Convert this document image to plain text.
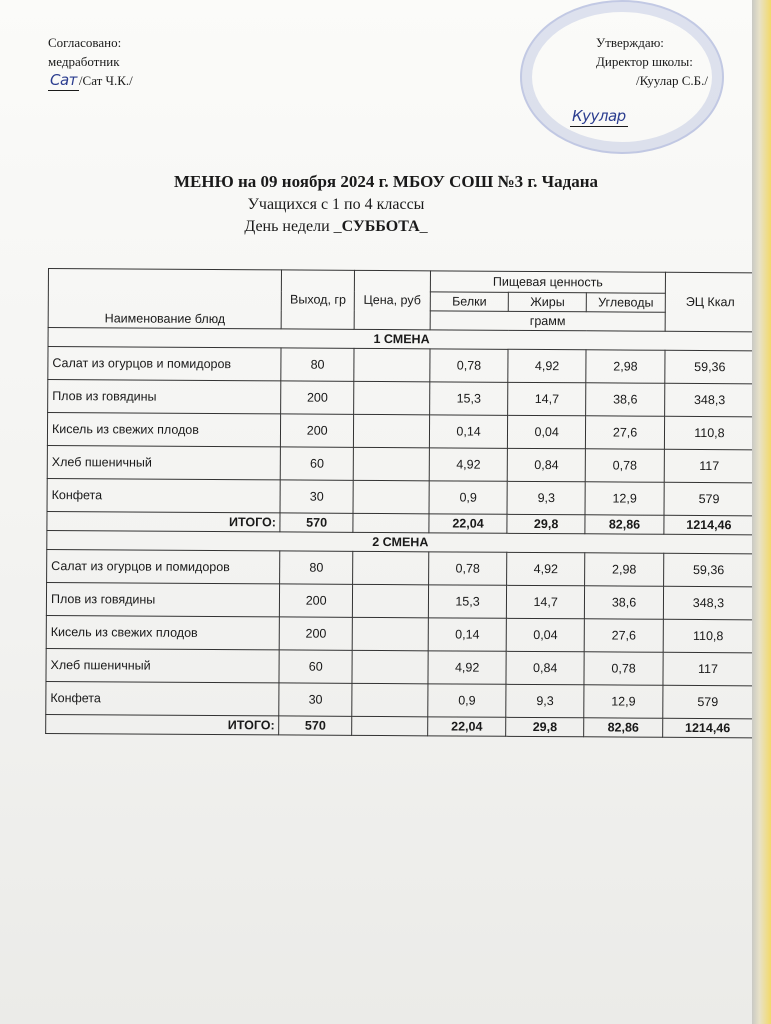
Согласовано:
медработник
Сат /Сат Ч.К./
Утверждаю:
Директор школы:
Куулар
/Куулар С.Б./
МЕНЮ на 09 ноября 2024 г. МБОУ СОШ №3 г. Чадана
Учащихся с 1 по 4 классы
День недели _СУББОТА_
Наименование блюд	Выход, гр	Цена, руб	Пищевая ценность			ЭЦ Ккал
			Белки	Жиры	Углеводы	
			грамм			
1 СМЕНА						
Салат из огурцов и помидоров	80		0,78	4,92	2,98	59,36
Плов из говядины	200		15,3	14,7	38,6	348,3
Кисель из свежих плодов	200		0,14	0,04	27,6	110,8
Хлеб пшеничный	60		4,92	0,84	0,78	117
Конфета	30		0,9	9,3	12,9	579
ИТОГО:	570		22,04	29,8	82,86	1214,46
2 СМЕНА						
Салат из огурцов и помидоров	80		0,78	4,92	2,98	59,36
Плов из говядины	200		15,3	14,7	38,6	348,3
Кисель из свежих плодов	200		0,14	0,04	27,6	110,8
Хлеб пшеничный	60		4,92	0,84	0,78	117
Конфета	30		0,9	9,3	12,9	579
ИТОГО:	570		22,04	29,8	82,86	1214,46
